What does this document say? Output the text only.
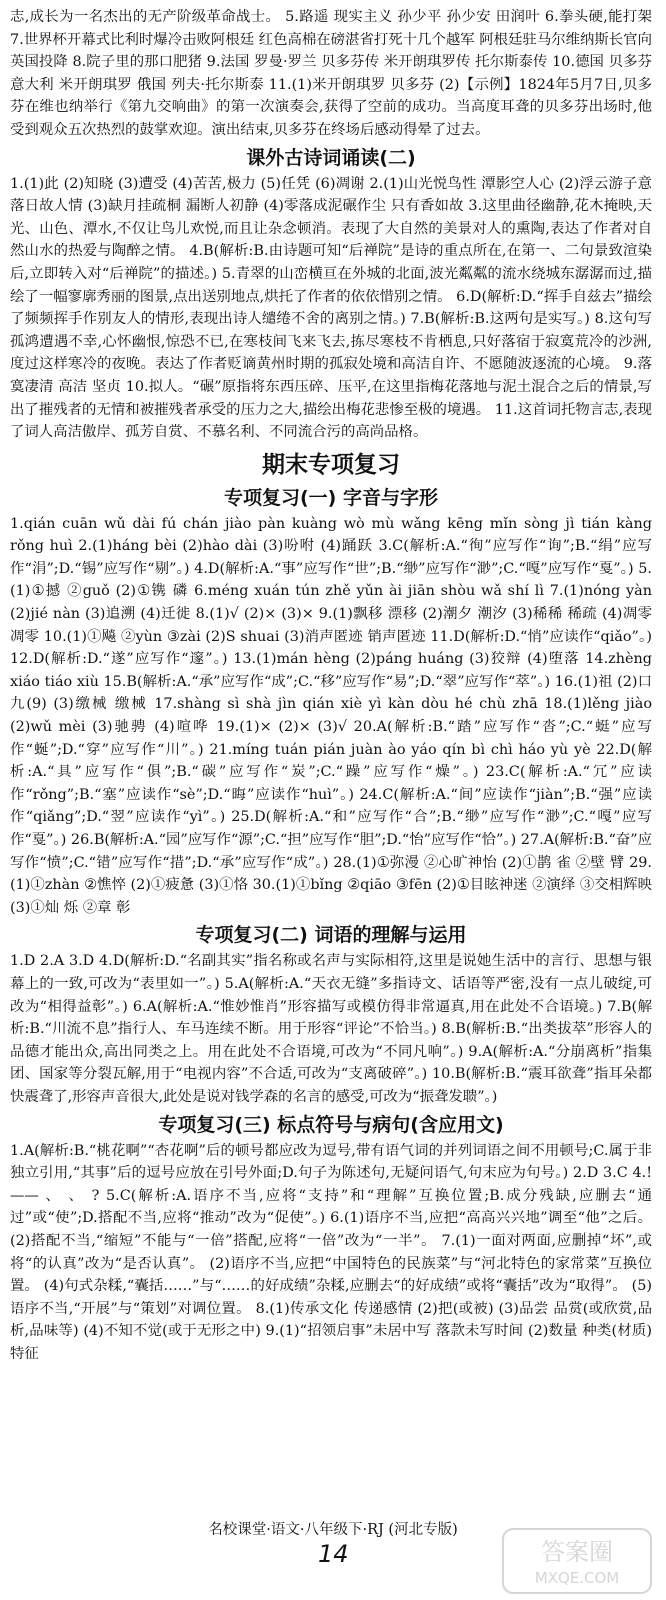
志,成长为一名杰出的无产阶级革命战士。 5.路遥 现实主义 孙少平 孙少安 田润叶 6.拳头硬,能打架 7.世界杯开幕式比利时爆冷击败阿根廷 红色高棉在磅湛省打死十几个越军 阿根廷驻马尔维纳斯长官向英国投降 8.院子里的那口肥猪 9.法国 罗曼·罗兰 贝多芬传 米开朗琪罗传 托尔斯泰传 10.德国 贝多芬 意大利 米开朗琪罗 俄国 列夫·托尔斯泰 11.(1)米开朗琪罗 贝多芬 (2)【示例】1824年5月7日,贝多芬在维也纳举行《第九交响曲》的第一次演奏会,获得了空前的成功。当高度耳聋的贝多芬出场时,他受到观众五次热烈的鼓掌欢迎。演出结束,贝多芬在终场后感动得晕了过去。

课外古诗词诵读(二)

1.(1)此 (2)知晓 (3)遭受 (4)苦苦,极力 (5)任凭 (6)凋谢 2.(1)山光悦鸟性 潭影空人心 (2)浮云游子意 落日故人情 (3)缺月挂疏桐 漏断人初静 (4)零落成泥碾作尘 只有香如故 3.这里曲径幽静,花木掩映,天光、山色、潭水,不仅让鸟儿欢悦,而且让杂念顿消。表现了大自然的美景对人的熏陶,表达了作者对自然山水的热爱与陶醉之情。 4.B(解析:B.由诗题可知“后禅院”是诗的重点所在,在第一、二句景致渲染后,立即转入对“后禅院”的描述。) 5.青翠的山峦横亘在外城的北面,波光粼粼的流水绕城东潺潺而过,描绘了一幅寥廓秀丽的图景,点出送别地点,烘托了作者的依依惜别之情。 6.D(解析:D.“挥手自兹去”描绘了频频挥手作别友人的情形,表现出诗人缱绻不舍的离别之情。) 7.B(解析:B.这两句是实写。) 8.这句写孤鸿遭遇不幸,心怀幽恨,惊恐不已,在寒枝间飞来飞去,拣尽寒枝不肯栖息,只好落宿于寂寞荒冷的沙洲,度过这样寒冷的夜晚。表达了作者贬谪黄州时期的孤寂处境和高洁自许、不愿随波逐流的心境。 9.落寞凄清 高洁 坚贞 10.拟人。“碾”原指将东西压碎、压平,在这里指梅花落地与泥土混合之后的情景,写出了摧残者的无情和被摧残者承受的压力之大,描绘出梅花悲惨至极的境遇。 11.这首词托物言志,表现了词人高洁傲岸、孤芳自赏、不慕名利、不同流合污的高尚品格。

期末专项复习
专项复习(一) 字音与字形

1.qián cuān wǔ dài fú chán jiào pàn kuàng wò mù wǎng kēng mǐn sòng jì tián kàng rǒng huì 2.(1)háng bèi (2)hào dài (3)吩咐 (4)踊跃 3.C(解析:A.“徇”应写作“询”;B.“绢”应写作“涓”;D.“锡”应写作“剔”。) 4.D(解析:A.“事”应写作“世”;B.“缈”应写作“渺”;C.“嘎”应写作“戛”。) 5.(1)①撼 ②guǒ (2)①镌 磷 6.méng xuán tún zhě yǔn ài jiān shòu wǎ shí lì 7.(1)nóng yàn (2)jié nàn (3)追溯 (4)迁徙 8.(1)√ (2)× (3)× 9.(1)飘移 漂移 (2)潮夕 潮汐 (3)稀稀 稀疏 (4)凋零 凋零 10.(1)①飚 ②yùn ③zài (2)S shuai (3)消声匿迹 销声匿迹 11.D(解析:D.“悄”应读作“qiǎo”。) 12.D(解析:D.“遂”应写作“邃”。) 13.(1)mán hèng (2)páng huáng (3)狡辩 (4)堕落 14.zhèng xiáo tiáo xiù 15.B(解析:A.“承”应写作“成”;C.“移”应写作“易”;D.“翠”应写作“萃”。) 16.(1)祖 (2)口 九(9) (3)缴械 缴械 17.shàng sì shà jìn qián xiè yì kàn dòu hé chù zhā 18.(1)lěng jiào (2)wǔ mèi (3)驰骋 (4)喧哗 19.(1)× (2)× (3)√ 20.A(解析:B.“踏”应写作“沓”;C.“蜓”应写作“蜒”;D.“穿”应写作“川”。) 21.míng tuán pián juàn ào yáo qín bì chì háo yù yè 22.D(解析:A.“具”应写作“俱”;B.“碳”应写作“炭”;C.“躁”应写作“燥”。) 23.C(解析:A.“冗”应读作“rǒng”;B.“塞”应读作“sè”;D.“晦”应读作“huì”。) 24.C(解析:A.“间”应读作“jiàn”;B.“强”应读作“qiǎng”;D.“翌”应读作“yì”。) 25.D(解析:A.“和”应写作“合”;B.“缈”应写作“渺”;C.“嘎”应写作“戛”。) 26.B(解析:A.“园”应写作“源”;C.“担”应写作“胆”;D.“怡”应写作“恰”。) 27.A(解析:B.“奋”应写作“愤”;C.“错”应写作“措”;D.“承”应写作“成”。) 28.(1)①弥漫 ②心旷神怡 (2)①鹊 雀 ②壁 臂 29.(1)①zhàn ②憔悴 (2)①疲惫 (3)①恪 30.(1)①bǐng ②qiāo ③fēn (2)①目眩神迷 ②演绎 ③交相辉映 (3)①灿 烁 ②章 彰

专项复习(二) 词语的理解与运用

1.D 2.A 3.D 4.D(解析:D.“名副其实”指名称或名声与实际相符,这里是说她生活中的言行、思想与银幕上的一致,可改为“表里如一”。) 5.A(解析:A.“天衣无缝”多指诗文、话语等严密,没有一点儿破绽,可改为“相得益彰”。) 6.A(解析:A.“惟妙惟肖”形容描写或模仿得非常逼真,用在此处不合语境。) 7.B(解析:B.“川流不息”指行人、车马连续不断。用于形容“评论”不恰当。) 8.B(解析:B.“出类拔萃”形容人的品德才能出众,高出同类之上。用在此处不合语境,可改为“不同凡响”。) 9.A(解析:A.“分崩离析”指集团、国家等分裂瓦解,用于“电视内容”不合适,可改为“支离破碎”。) 10.B(解析:B.“震耳欲聋”指耳朵都快震聋了,形容声音很大,此处是说对钱学森的名言的感受,可改为“振聋发聩”。)

专项复习(三) 标点符号与病句(含应用文)

1.A(解析:B.“桃花啊”“杏花啊”后的顿号都应改为逗号,带有语气词的并列词语之间不用顿号;C.属于非独立引用,“其事”后的逗号应放在引号外面;D.句子为陈述句,无疑问语气,句末应为句号。) 2.D 3.C 4.! —— 、 、 ? 5.C(解析:A.语序不当,应将“支持”和“理解”互换位置;B.成分残缺,应删去“通过”或“使”;D.搭配不当,应将“推动”改为“促使”。) 6.(1)语序不当,应把“高高兴兴地”调至“他”之后。 (2)搭配不当,“缩短”不能与“一倍”搭配,应将“一倍”改为“一半”。 7.(1)一面对两面,应删掉“坏”,或将“的认真”改为“是否认真”。 (2)语序不当,应把“中国特色的民族菜”与“河北特色的家常菜”互换位置。 (4)句式杂糅,“囊括……”与“……的好成绩”杂糅,应删去“的好成绩”或将“囊括”改为“取得”。 (5)语序不当,“开展”与“策划”对调位置。 8.(1)传承文化 传递感情 (2)把(或被) (3)品尝 品赏(或欣赏,品析,品味等) (4)不知不觉(或于无形之中) 9.(1)“招领启事”未居中写 落款未写时间 (2)数量 种类(材质) 特征

名校课堂·语文·八年级下·RJ (河北专版)
14	答案圈
MXQE.COM
